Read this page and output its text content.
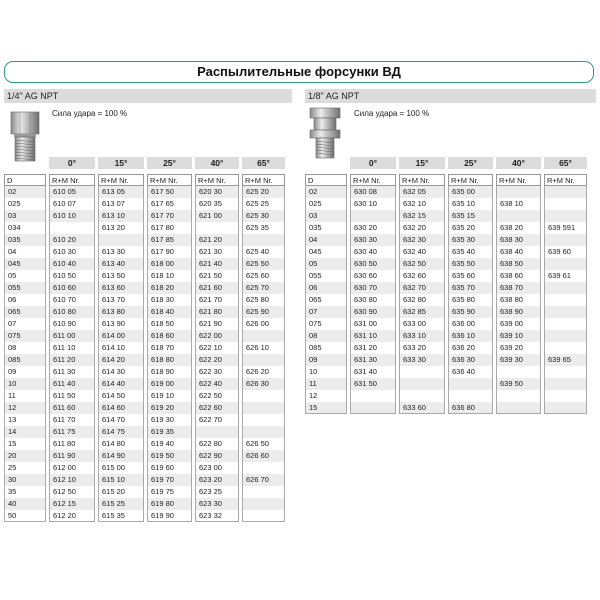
Распылительные форсунки ВД
1/4" AG NPT	1/8" AG NPT
Сила удара = 100 %	Сила удара = 100 %
D
02
025
03
034
035
04
045
05
055
06
065
07
075
08
085
09
10
11
12
13
14
15
20
25
30
35
40
50
0°
R+M Nr.
610 05
610 07
610 10
610 20
610 30
610 40
610 50
610 60
610 70
610 80
610 90
611 00
611 10
611 20
611 30
611 40
611 50
611 60
611 70
611 75
611 80
611 90
612 00
612 10
612 50
612 15
612 20
15°
R+M Nr.
613 05
613 07
613 10
613 20
613 30
613 40
613 50
613 60
613 70
613 80
613 90
614 00
614 10
614 20
614 30
614 40
614 50
614 60
614 70
614 75
614 80
614 90
615 00
615 10
615 20
615 25
615 35
25°
R+M Nr.
617 50
617 65
617 70
617 80
617 85
617 90
618 00
618 10
618 20
618 30
618 40
618 50
618 60
618 70
618 80
618 90
619 00
619 10
619 20
619 30
619 35
619 40
619 50
619 60
619 70
619 75
619 80
619 90
40°
R+M Nr.
620 30
620 35
621 00
621 20
621 30
621 40
621 50
621 60
621 70
621 80
621 90
622 00
622 10
622 20
622 30
622 40
622 50
622 60
622 70
622 80
622 90
623 00
623 20
623 25
623 30
623 32
65°
R+M Nr.
625 20
625 25
625 30
625 35
625 40
625 50
625 60
625 70
625 80
625 90
626 00
626 10
626 20
626 30
626 50
626 60
626 70
D
02
025
03
035
04
045
05
055
06
065
07
075
08
085
09
10
11
12
15
0°
R+M Nr.
630 08
630 10
630 20
630 30
630 40
630 50
630 60
630 70
630 80
630 90
631 00
631 10
631 20
631 30
631 40
631 50
15°
R+M Nr.
632 05
632 10
632 15
632 20
632 30
632 40
632 50
632 60
632 70
632 80
632 85
633 00
633 10
633 20
633 30
633 60
25°
R+M Nr.
635 00
635 10
635 15
635 20
635 30
635 40
635 50
635 60
635 70
635 80
635 90
636 00
636 10
636 20
636 30
636 40
636 80
40°
R+M Nr.
638 10
638 20
638 30
638 40
638 50
638 60
638 70
638 80
638 90
639 00
639 10
639 20
639 30
639 50
65°
R+M Nr.
639 591
639 60
639 61
639 65
